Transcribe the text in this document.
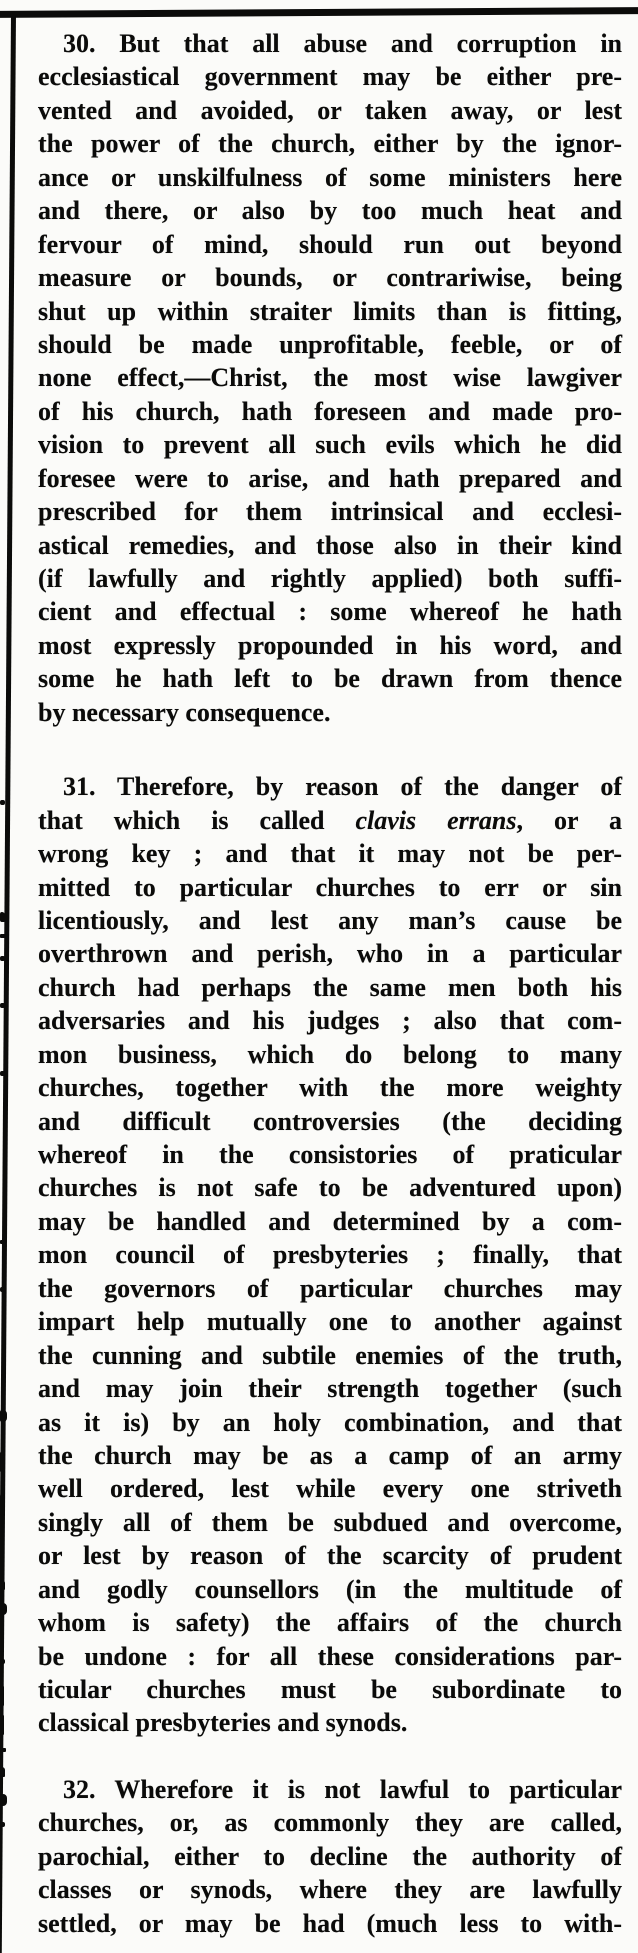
30. But that all abuse and corruption in
ecclesiastical government may be either pre-
vented and avoided, or taken away, or lest
the power of the church, either by the ignor-
ance or unskilfulness of some ministers here
and there, or also by too much heat and
fervour of mind, should run out beyond
measure or bounds, or contrariwise, being
shut up within straiter limits than is fitting,
should be made unprofitable, feeble, or of
none effect,—Christ, the most wise lawgiver
of his church, hath foreseen and made pro-
vision to prevent all such evils which he did
foresee were to arise, and hath prepared and
prescribed for them intrinsical and ecclesi-
astical remedies, and those also in their kind
(if lawfully and rightly applied) both suffi-
cient and effectual : some whereof he hath
most expressly propounded in his word, and
some he hath left to be drawn from thence
by necessary consequence.
31. Therefore, by reason of the danger of
that which is called clavis errans, or a
wrong key ; and that it may not be per-
mitted to particular churches to err or sin
licentiously, and lest any man’s cause be
overthrown and perish, who in a particular
church had perhaps the same men both his
adversaries and his judges ; also that com-
mon business, which do belong to many
churches, together with the more weighty
and difficult controversies (the deciding
whereof in the consistories of praticular
churches is not safe to be adventured upon)
may be handled and determined by a com-
mon council of presbyteries ; finally, that
the governors of particular churches may
impart help mutually one to another against
the cunning and subtile enemies of the truth,
and may join their strength together (such
as it is) by an holy combination, and that
the church may be as a camp of an army
well ordered, lest while every one striveth
singly all of them be subdued and overcome,
or lest by reason of the scarcity of prudent
and godly counsellors (in the multitude of
whom is safety) the affairs of the church
be undone : for all these considerations par-
ticular churches must be subordinate to
classical presbyteries and synods.
32. Wherefore it is not lawful to particular
churches, or, as commonly they are called,
parochial, either to decline the authority of
classes or synods, where they are lawfully
settled, or may be had (much less to with-
